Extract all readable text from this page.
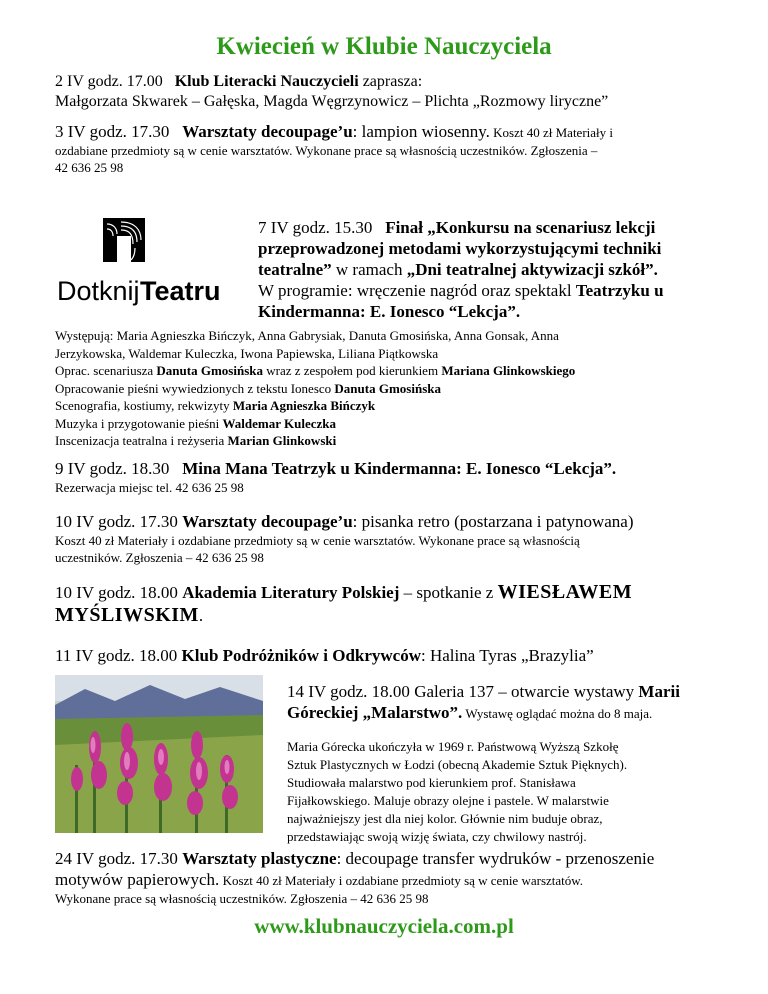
Kwiecień w Klubie Nauczyciela
2 IV godz. 17.00 Klub Literacki Nauczycieli zaprasza:
Małgorzata Skwarek – Gałęska, Magda Węgrzynowicz – Plichta „Rozmowy liryczne”
3 IV godz. 17.30 Warsztaty decoupage’u: lampion wiosenny. Koszt 40 zł Materiały i
ozdabiane przedmioty są w cenie warsztatów. Wykonane prace są własnością uczestników. Zgłoszenia –
42 636 25 98
Dotknij Teatru
7 IV godz. 15.30 Finał „Konkursu na scenariusz lekcji
przeprowadzonej metodami wykorzystującymi techniki
teatralne” w ramach „Dni teatralnej aktywizacji szkół”.
W programie: wręczenie nagród oraz spektakl Teatrzyku u
Kindermanna: E. Ionesco “Lekcja”.
Występują: Maria Agnieszka Bińczyk, Anna Gabrysiak, Danuta Gmosińska, Anna Gonsak, Anna
Jerzykowska, Waldemar Kuleczka, Iwona Papiewska, Liliana Piątkowska
Oprac. scenariusza Danuta Gmosińska wraz z zespołem pod kierunkiem Mariana Glinkowskiego
Opracowanie pieśni wywiedzionych z tekstu Ionesco Danuta Gmosińska
Scenografia, kostiumy, rekwizyty Maria Agnieszka Bińczyk
Muzyka i przygotowanie pieśni Waldemar Kuleczka
Inscenizacja teatralna i reżyseria Marian Glinkowski
9 IV godz. 18.30 Mina Mana Teatrzyk u Kindermanna: E. Ionesco “Lekcja”.
Rezerwacja miejsc tel. 42 636 25 98
10 IV godz. 17.30 Warsztaty decoupage’u: pisanka retro (postarzana i patynowana)
Koszt 40 zł Materiały i ozdabiane przedmioty są w cenie warsztatów. Wykonane prace są własnością
uczestników. Zgłoszenia – 42 636 25 98
10 IV godz. 18.00 Akademia Literatury Polskiej – spotkanie z WIESŁAWEM
MYŚLIWSKIM.
11 IV godz. 18.00 Klub Podróżników i Odkrywców: Halina Tyras „Brazylia”
14 IV godz. 18.00 Galeria 137 – otwarcie wystawy Marii
Góreckiej „Malarstwo”. Wystawę oglądać można do 8 maja.
Maria Górecka ukończyła w 1969 r. Państwową Wyższą Szkołę
Sztuk Plastycznych w Łodzi (obecną Akademie Sztuk Pięknych).
Studiowała malarstwo pod kierunkiem prof. Stanisława
Fijałkowskiego. Maluje obrazy olejne i pastele. W malarstwie
najważniejszy jest dla niej kolor. Głównie nim buduje obraz,
przedstawiając swoją wizję świata, czy chwilowy nastrój.
24 IV godz. 17.30 Warsztaty plastyczne: decoupage transfer wydruków - przenoszenie
motywów papierowych. Koszt 40 zł Materiały i ozdabiane przedmioty są w cenie warsztatów.
Wykonane prace są własnością uczestników. Zgłoszenia – 42 636 25 98
www.klubnauczyciela.com.pl
